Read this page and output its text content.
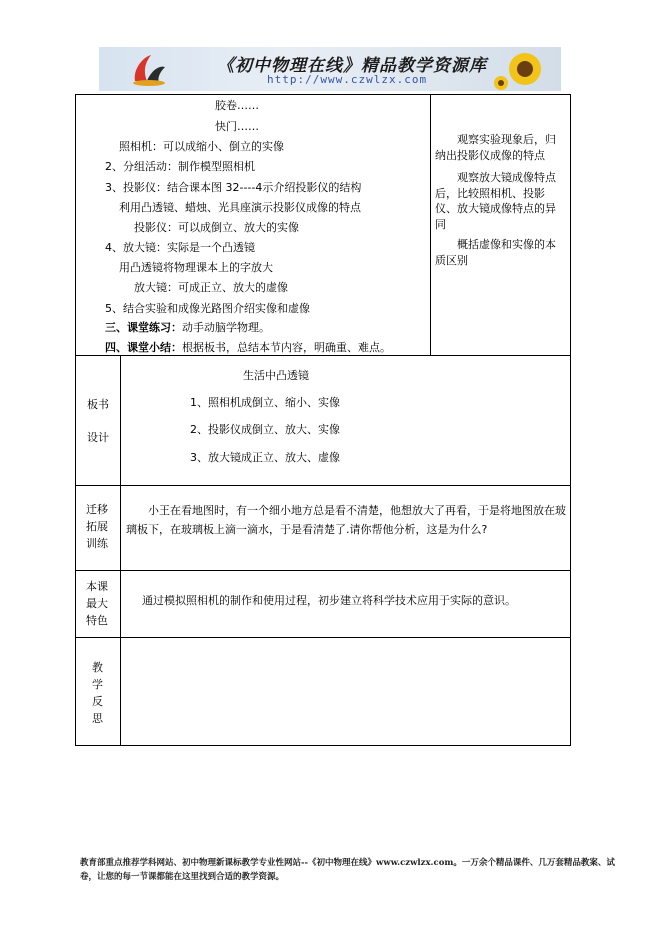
《初中物理在线》精品教学资源库
http://www.czwlzx.com
胶卷……
快门……
照相机：可以成缩小、倒立的实像
2、分组活动：制作模型照相机
3、投影仪：结合课本图 32----4示介绍投影仪的结构
利用凸透镜、蜡烛、光具座演示投影仪成像的特点
投影仪：可以成倒立、放大的实像
4、放大镜：实际是一个凸透镜
用凸透镜将物理课本上的字放大
放大镜：可成正立、放大的虚像
5、结合实验和成像光路图介绍实像和虚像
三、课堂练习：动手动脑学物理。
四、课堂小结：根据板书，总结本节内容，明确重、难点。
观察实验现象后，归纳出投影仪成像的特点
观察放大镜成像特点后，比较照相机、投影仪、放大镜成像特点的异同
概括虚像和实像的本质区别
板书
设计
生活中凸透镜
1、照相机成倒立、缩小、实像
2、投影仪成倒立、放大、实像
3、放大镜成正立、放大、虚像
迁移
拓展
训练
小王在看地图时，有一个细小地方总是看不清楚，他想放大了再看，于是将地图放在玻璃板下，在玻璃板上滴一滴水，于是看清楚了.请你帮他分析，这是为什么?
本课
最大
特色
通过模拟照相机的制作和使用过程，初步建立将科学技术应用于实际的意识。
教
学
反
思
教育部重点推荐学科网站、初中物理新课标教学专业性网站--《初中物理在线》www.czwlzx.com。一万余个精品课件、几万套精品教案、试卷，让您的每一节课都能在这里找到合适的教学资源。
